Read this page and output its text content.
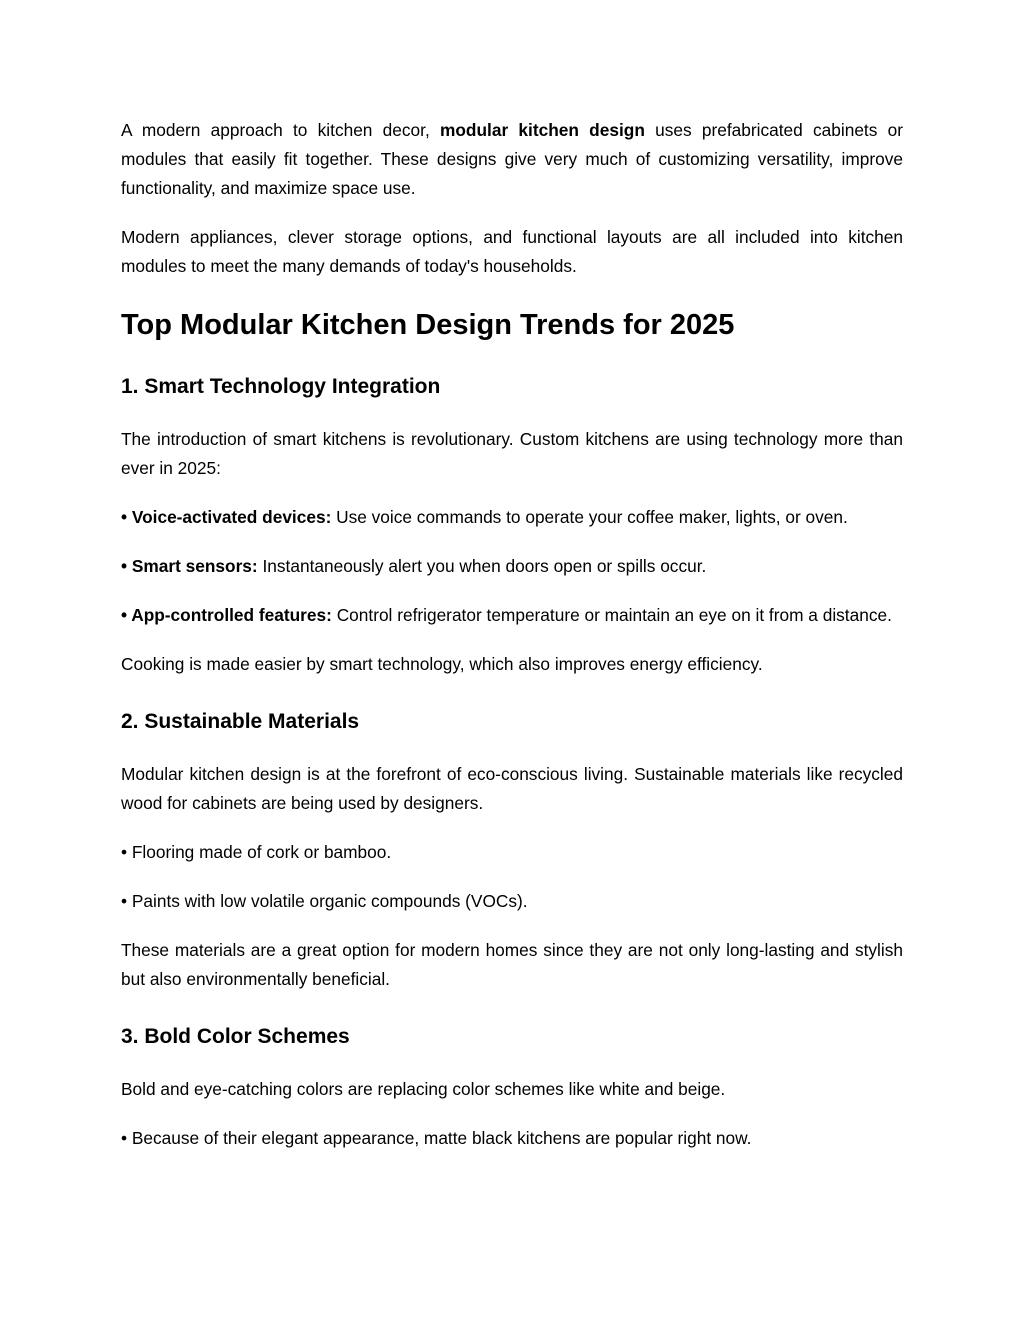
A modern approach to kitchen decor, modular kitchen design uses prefabricated cabinets or modules that easily fit together. These designs give very much of customizing versatility, improve functionality, and maximize space use.

Modern appliances, clever storage options, and functional layouts are all included into kitchen modules to meet the many demands of today's households.

Top Modular Kitchen Design Trends for 2025
1. Smart Technology Integration

The introduction of smart kitchens is revolutionary. Custom kitchens are using technology more than ever in 2025:

• Voice-activated devices: Use voice commands to operate your coffee maker, lights, or oven.

• Smart sensors: Instantaneously alert you when doors open or spills occur.

• App-controlled features: Control refrigerator temperature or maintain an eye on it from a distance.

Cooking is made easier by smart technology, which also improves energy efficiency.

2. Sustainable Materials

Modular kitchen design is at the forefront of eco-conscious living. Sustainable materials like recycled wood for cabinets are being used by designers.

• Flooring made of cork or bamboo.

• Paints with low volatile organic compounds (VOCs).

These materials are a great option for modern homes since they are not only long-lasting and stylish but also environmentally beneficial.

3. Bold Color Schemes

Bold and eye-catching colors are replacing color schemes like white and beige.

• Because of their elegant appearance, matte black kitchens are popular right now.
